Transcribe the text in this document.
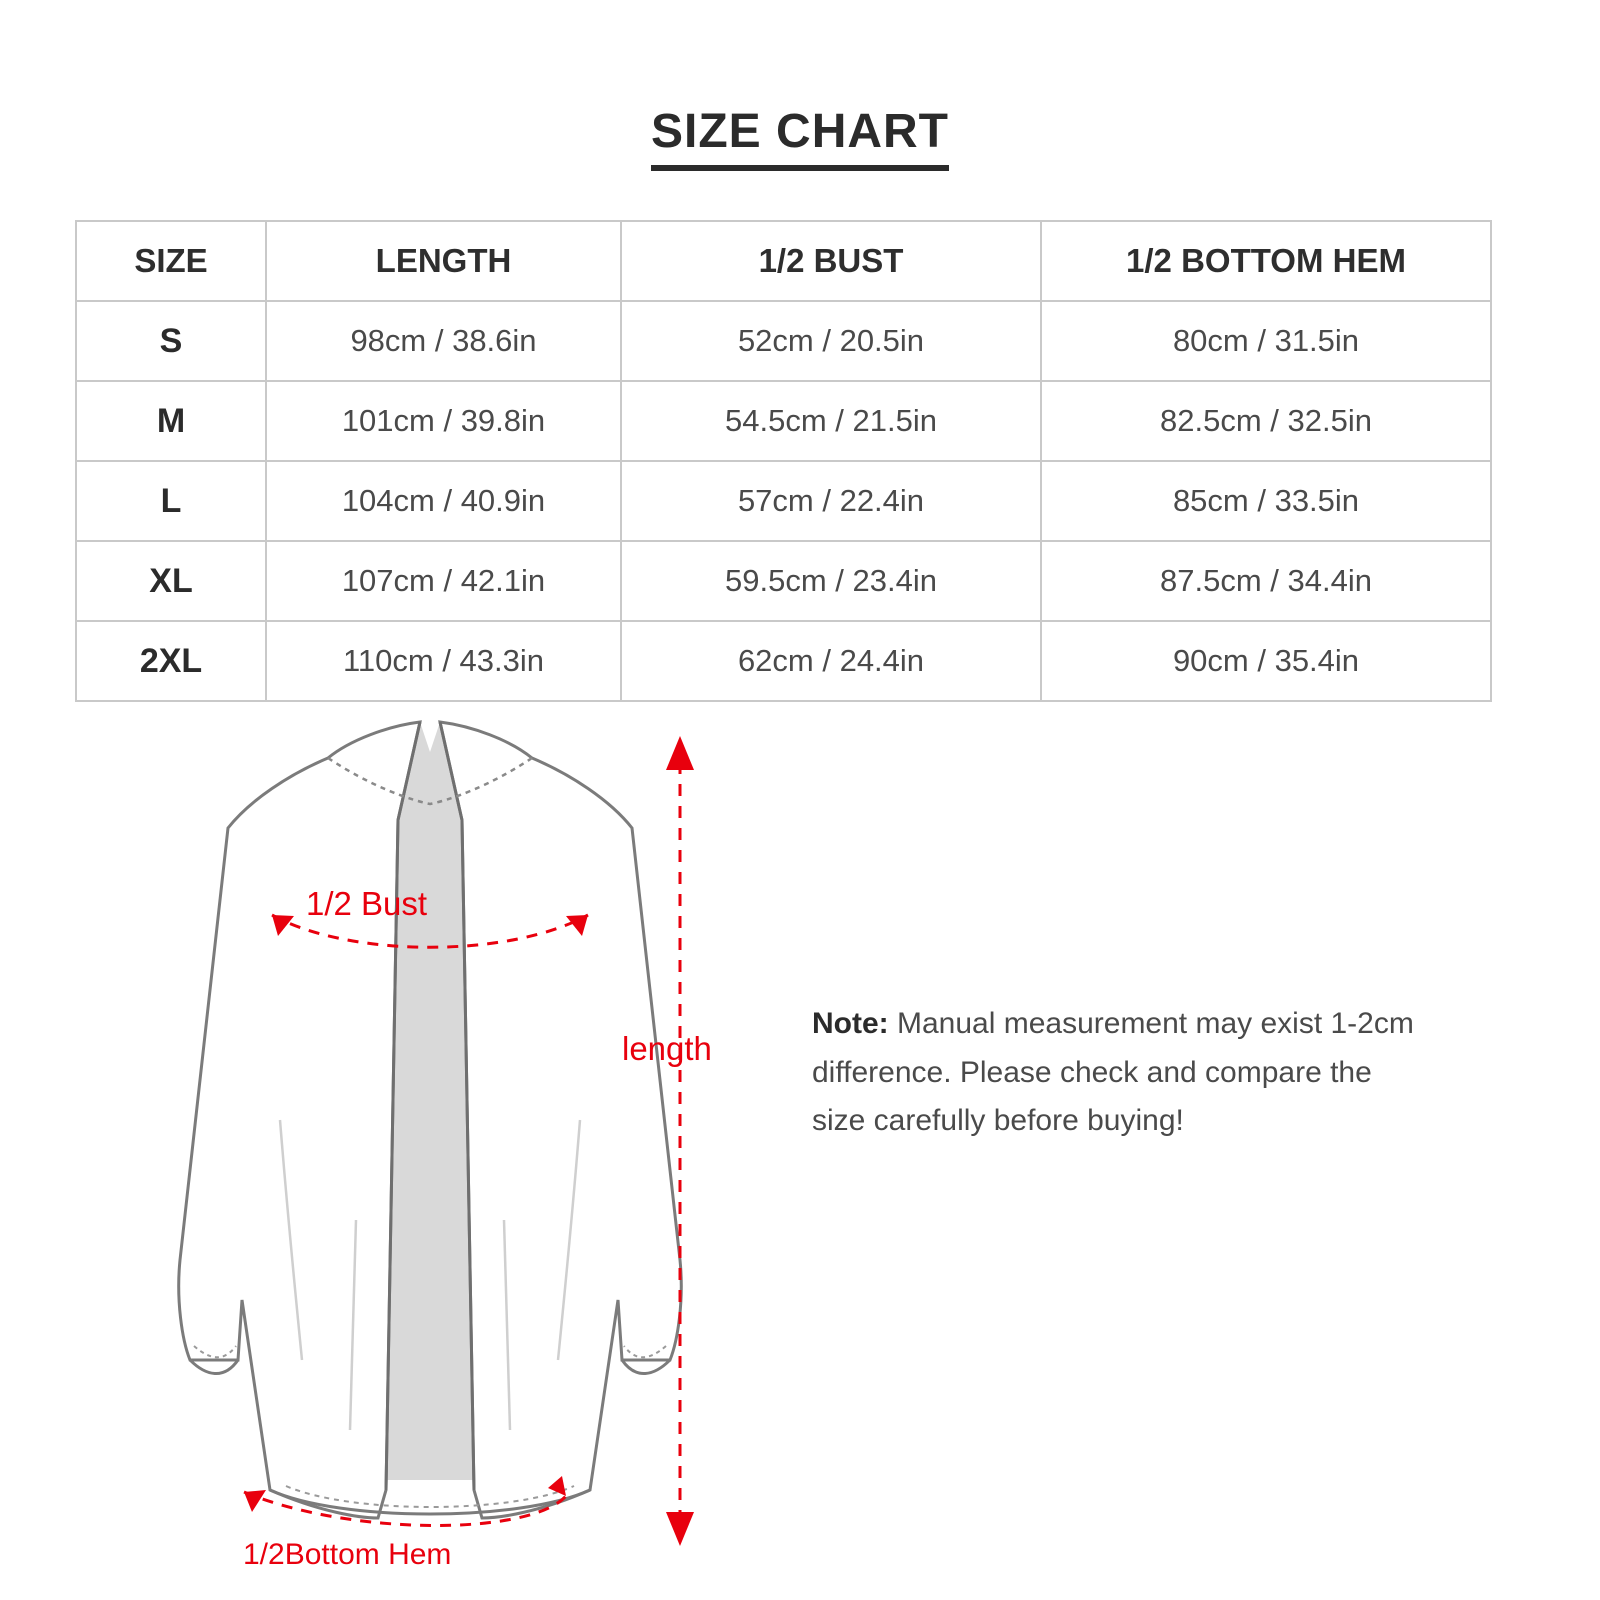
SIZE CHART
SIZE	LENGTH	1/2 BUST	1/2 BOTTOM HEM
S	98cm / 38.6in	52cm / 20.5in	80cm / 31.5in
M	101cm / 39.8in	54.5cm / 21.5in	82.5cm / 32.5in
L	104cm / 40.9in	57cm / 22.4in	85cm / 33.5in
XL	107cm / 42.1in	59.5cm / 23.4in	87.5cm / 34.4in
2XL	110cm / 43.3in	62cm / 24.4in	90cm / 35.4in
1/2 Bust
1/2Bottom Hem
length
Note: Manual measurement may exist 1-2cm difference. Please check and compare the size carefully before buying!
